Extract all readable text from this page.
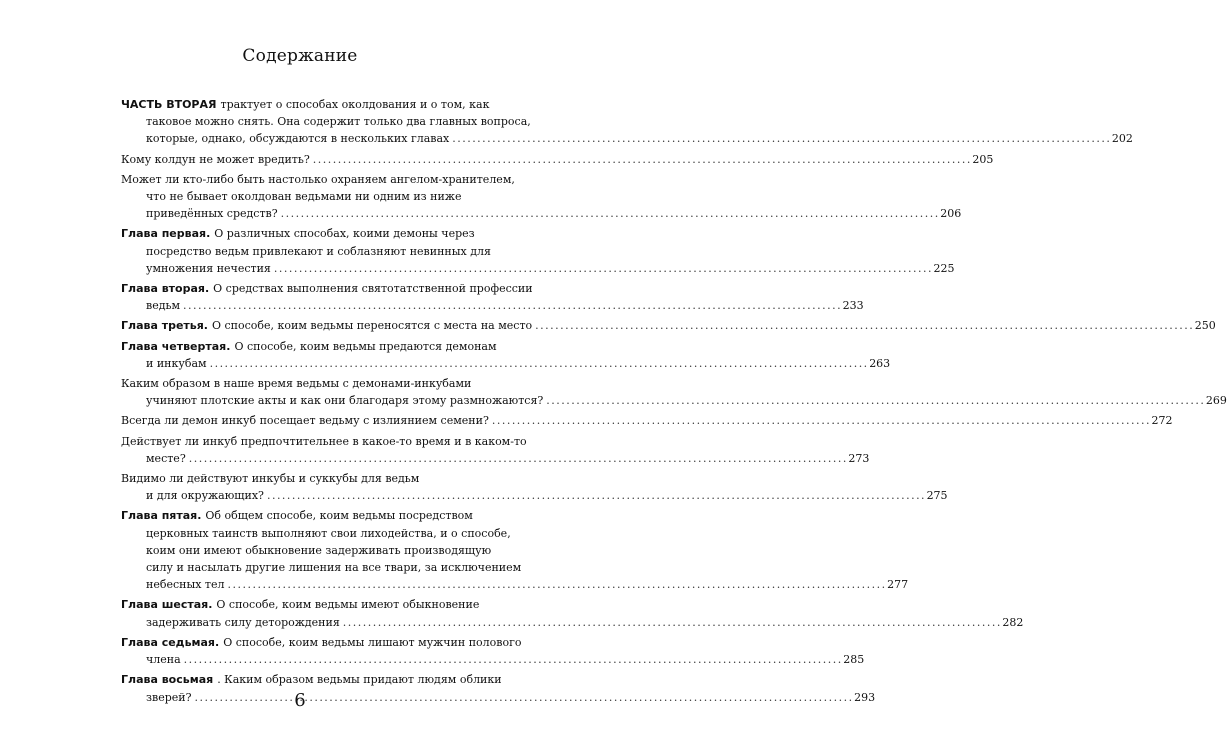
Содержание
ЧАСТЬ ВТОРАЯ трактует о способах околдования и о том, как
таковое можно снять. Она содержит только два главных вопроса,
которые, однако, обсуждаются в нескольких главах . . .	202
Кому колдун не может вредить? . . .	205
Может ли кто-либо быть настолько охраняем ангелом-хранителем,
что не бывает околдован ведьмами ни одним из ниже
приведённых средств? . . .	206
Глава первая. О различных способах, коими демоны через
посредство ведьм привлекают и соблазняют невинных для
умножения нечестия . . .	225
Глава вторая. О средствах выполнения святотатственной профессии
ведьм . . .	233
Глава третья. О способе, коим ведьмы переносятся с места на место . . .	250
Глава четвертая. О способе, коим ведьмы предаются демонам
и инкубам . . .	263
Каким образом в наше время ведьмы с демонами-инкубами
учиняют плотские акты и как они благодаря этому размножаются? . . .	269
Всегда ли демон инкуб посещает ведьму с излиянием семени? . . .	272
Действует ли инкуб предпочтительнее в какое-то время и в каком-то
месте? . . .	273
Видимо ли действуют инкубы и суккубы для ведьм
и для окружающих? . . .	275
Глава пятая. Об общем способе, коим ведьмы посредством
церковных таинств выполняют свои лиходейства, и о способе,
коим они имеют обыкновение задерживать производящую
силу и насылать другие лишения на все твари, за исключением
небесных тел . . .	277
Глава шестая. О способе, коим ведьмы имеют обыкновение
задерживать силу деторождения . . .	282
Глава седьмая. О способе, коим ведьмы лишают мужчин полового
члена . . .	285
Глава восьмая . Каким образом ведьмы придают людям облики
зверей? . . .	293
6
